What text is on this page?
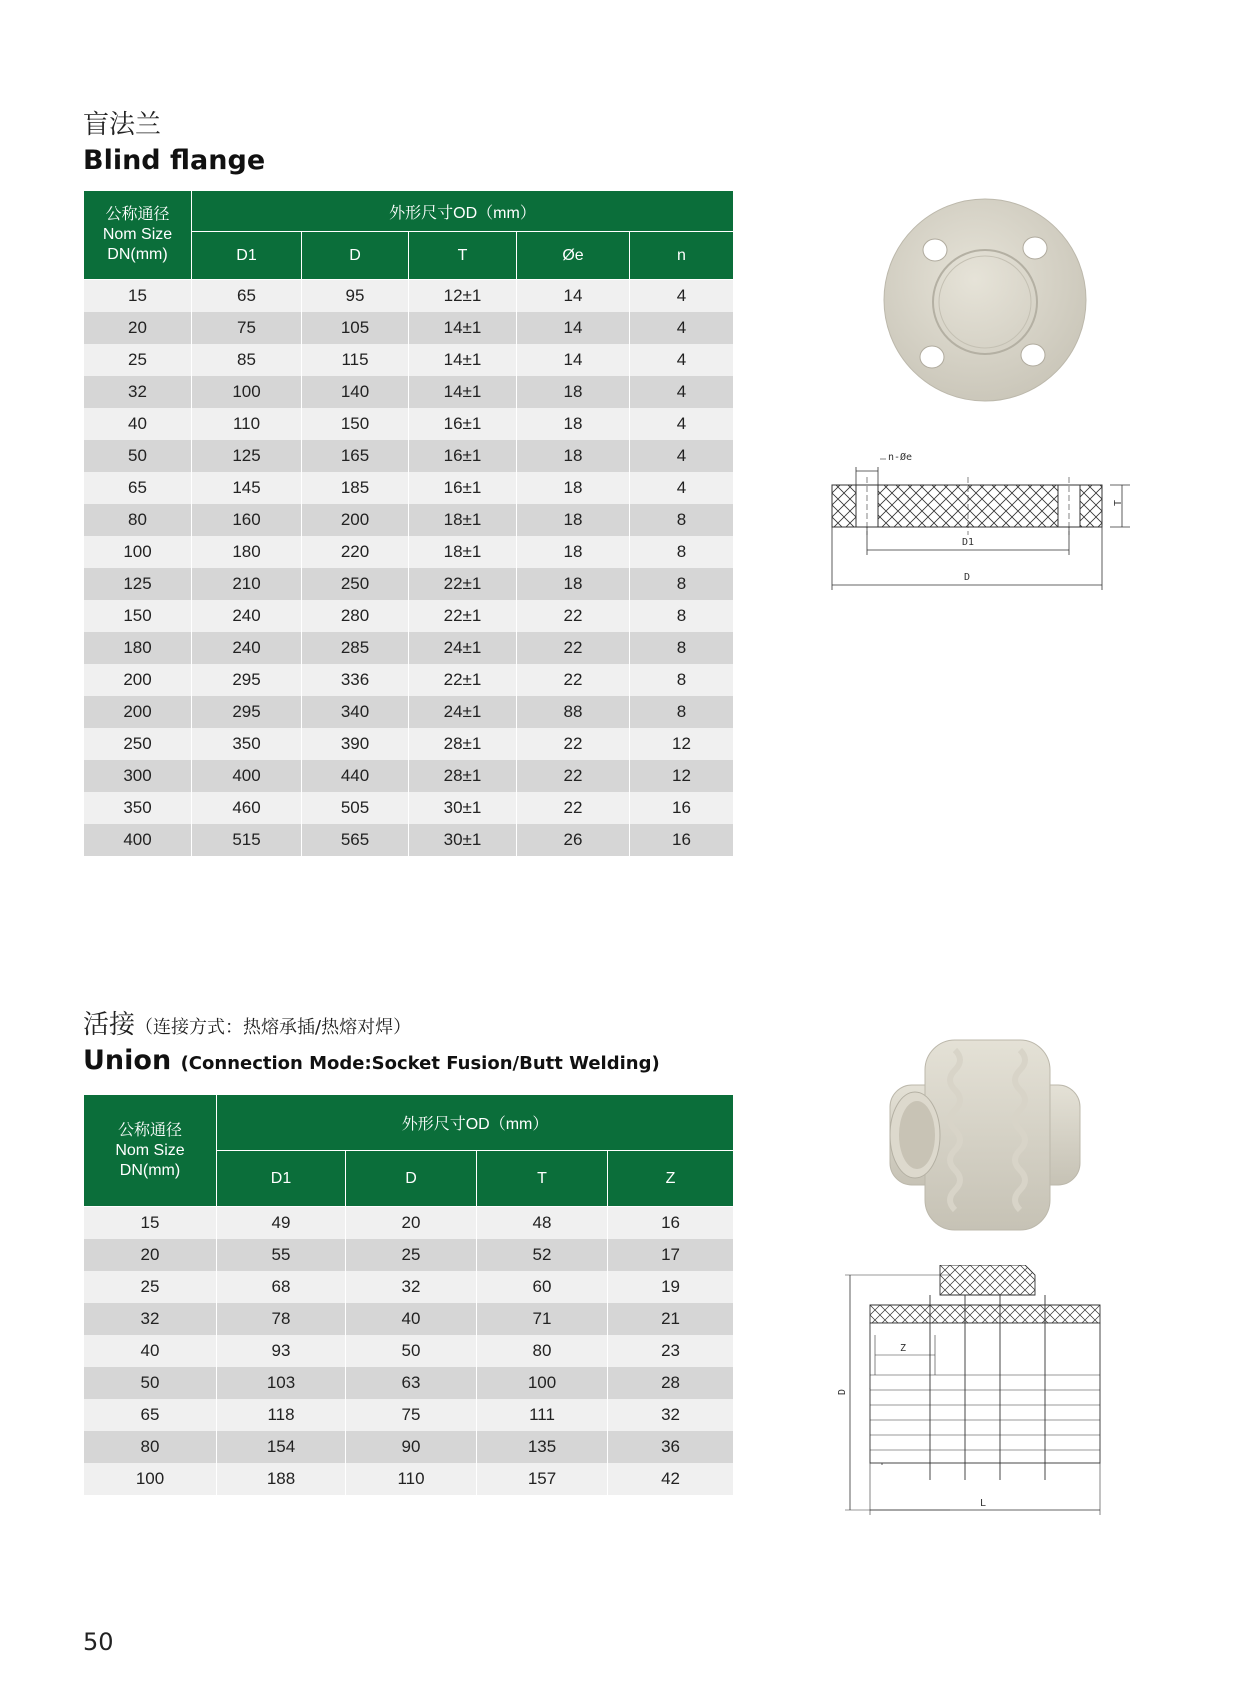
盲法兰
Blind flange
公称通径
Nom Size
DN(mm)	外形尺寸OD（mm）				
	D1	D	T	Øe	n
15	65	95	12±1	14	4
20	75	105	14±1	14	4
25	85	115	14±1	14	4
32	100	140	14±1	18	4
40	110	150	16±1	18	4
50	125	165	16±1	18	4
65	145	185	16±1	18	4
80	160	200	18±1	18	8
100	180	220	18±1	18	8
125	210	250	22±1	18	8
150	240	280	22±1	22	8
180	240	285	24±1	22	8
200	295	336	22±1	22	8
200	295	340	24±1	88	8
250	350	390	28±1	22	12
300	400	440	28±1	22	12
350	460	505	30±1	22	16
400	515	565	30±1	26	16
n-Øe
T
D1
D
活接（连接方式：热熔承插/热熔对焊）
Union (Connection Mode:Socket Fusion/Butt Welding)
公称通径
Nom Size
DN(mm)	外形尺寸OD（mm）			
	D1	D	T	Z
15	49	20	48	16
20	55	25	52	17
25	68	32	60	19
32	78	40	71	21
40	93	50	80	23
50	103	63	100	28
65	118	75	111	32
80	154	90	135	36
100	188	110	157	42
D
Z
L
50
